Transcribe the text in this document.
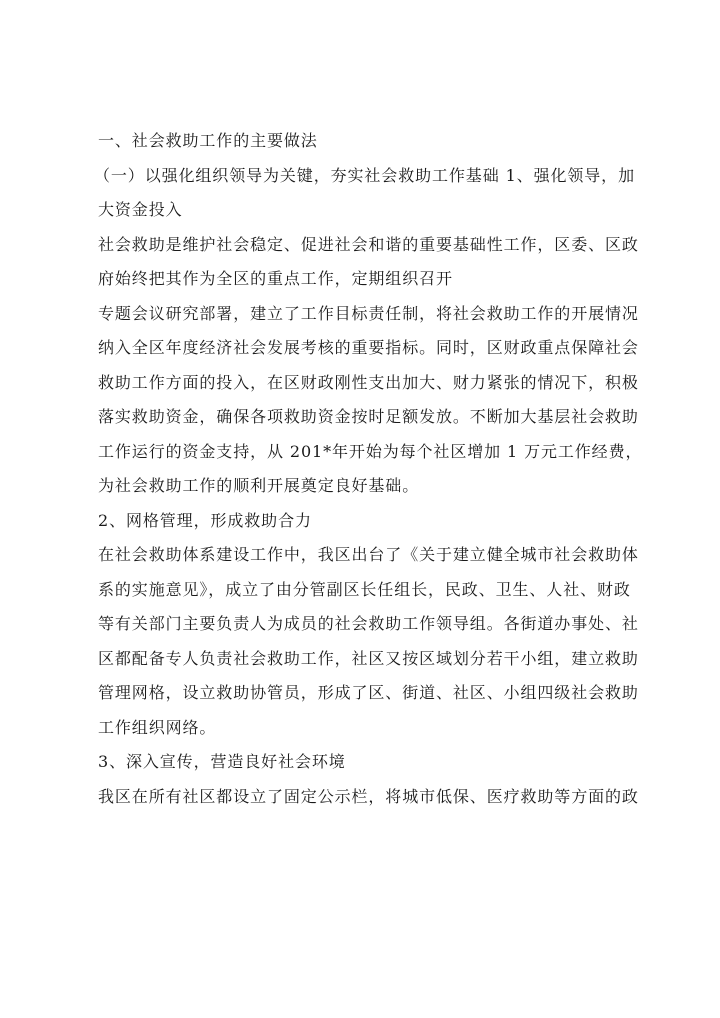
一、社会救助工作的主要做法
（一）以强化组织领导为关键，夯实社会救助工作基础 1、强化领导，加
大资金投入
社会救助是维护社会稳定、促进社会和谐的重要基础性工作，区委、区政
府始终把其作为全区的重点工作，定期组织召开
专题会议研究部署，建立了工作目标责任制，将社会救助工作的开展情况
纳入全区年度经济社会发展考核的重要指标。同时，区财政重点保障社会
救助工作方面的投入，在区财政刚性支出加大、财力紧张的情况下，积极
落实救助资金，确保各项救助资金按时足额发放。不断加大基层社会救助
工作运行的资金支持，从 201*年开始为每个社区增加 1 万元工作经费，
为社会救助工作的顺利开展奠定良好基础。
2、网格管理，形成救助合力
在社会救助体系建设工作中，我区出台了《关于建立健全城市社会救助体
系的实施意见》，成立了由分管副区长任组长，民政、卫生、人社、财政
等有关部门主要负责人为成员的社会救助工作领导组。各街道办事处、社
区都配备专人负责社会救助工作，社区又按区域划分若干小组，建立救助
管理网格，设立救助协管员，形成了区、街道、社区、小组四级社会救助
工作组织网络。
3、深入宣传，营造良好社会环境
我区在所有社区都设立了固定公示栏，将城市低保、医疗救助等方面的政
